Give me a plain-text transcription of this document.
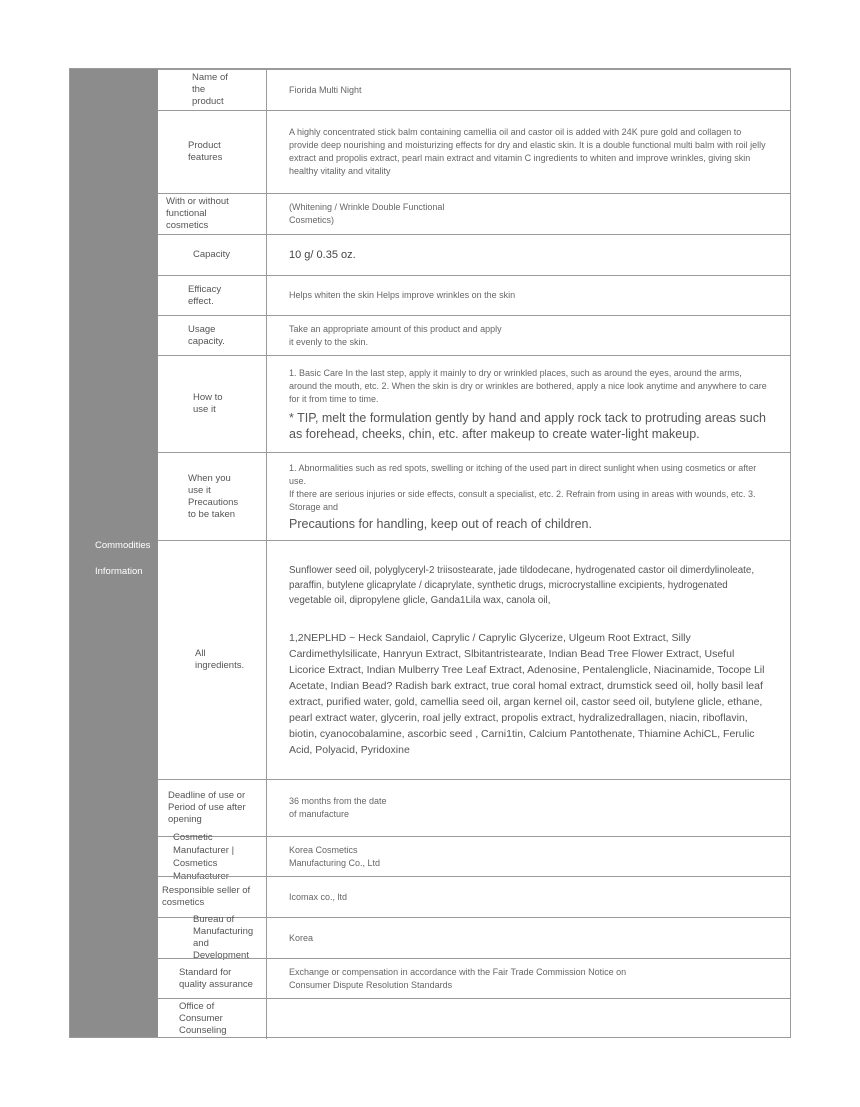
Commodities
Information
Name of the product

Fiorida Multi Night

Product features

A highly concentrated stick balm containing camellia oil and castor oil is added with 24K pure gold and collagen to provide deep nourishing and moisturizing effects for dry and elastic skin. It is a double functional multi balm with roil jelly extract and propolis extract, pearl main extract and vitamin C ingredients to whiten and improve wrinkles, giving skin healthy vitality and vitality

With or without functional cosmetics

(Whitening / Wrinkle Double Functional Cosmetics)

Capacity	10 g/ 0.35 oz.

Efficacy effect.

Helps whiten the skin Helps improve wrinkles on the skin

Usage capacity.

Take an appropriate amount of this product and apply it evenly to the skin.

How to use it

1. Basic Care In the last step, apply it mainly to dry or wrinkled places, such as around the eyes, around the arms, around the mouth, etc. 2. When the skin is dry or wrinkles are bothered, apply a nice look anytime and anywhere to care for it from time to time.

* TIP, melt the formulation gently by hand and apply rock tack to protruding areas such as forehead, cheeks, chin, etc. after makeup to create water-light makeup.

When you use it Precautions to be taken

1. Abnormalities such as red spots, swelling or itching of the used part in direct sunlight when using cosmetics or after use.

If there are serious injuries or side effects, consult a specialist, etc. 2. Refrain from using in areas with wounds, etc. 3. Storage and

Precautions for handling, keep out of reach of children.

All ingredients.

Sunflower seed oil, polyglyceryl-2 triisostearate, jade tildodecane, hydrogenated castor oil dimerdylinoleate, paraffin, butylene glicaprylate / dicaprylate, synthetic drugs, microcrystalline excipients, hydrogenated vegetable oil, dipropylene glicle, Ganda1Lila wax, canola oil,

1,2NEPLHD ~ Heck Sandaiol, Caprylic / Caprylic Glycerize, Ulgeum Root Extract, Silly Cardimethylsilicate, Hanryun Extract, Slbitantristearate, Indian Bead Tree Flower Extract, Useful Licorice Extract, Indian Mulberry Tree Leaf Extract, Adenosine, Pentalenglicle, Niacinamide, Tocope Lil Acetate, Indian Bead? Radish bark extract, true coral homal extract, drumstick seed oil, holly basil leaf extract, purified water, gold, camellia seed oil, argan kernel oil, castor seed oil, butylene glicle, ethane, pearl extract water, glycerin, roal jelly extract, propolis extract, hydralizedrallagen, niacin, riboflavin, biotin, cyanocobalamine, ascorbic seed , Carni1tin, Calcium Pantothenate, Thiamine AchiCL, Ferulic Acid, Polyacid, Pyridoxine

Deadline of use or Period of use after opening

36 months from the date of manufacture

Cosmetic Manufacturer | Cosmetics Manufacturer

Korea Cosmetics Manufacturing Co., Ltd

Responsible seller of cosmetics

Icomax co., ltd

Bureau of Manufacturing and Development

Korea

Standard for quality assurance

Exchange or compensation in accordance with the Fair Trade Commission Notice on Consumer Dispute Resolution Standards

Office of Consumer Counseling
